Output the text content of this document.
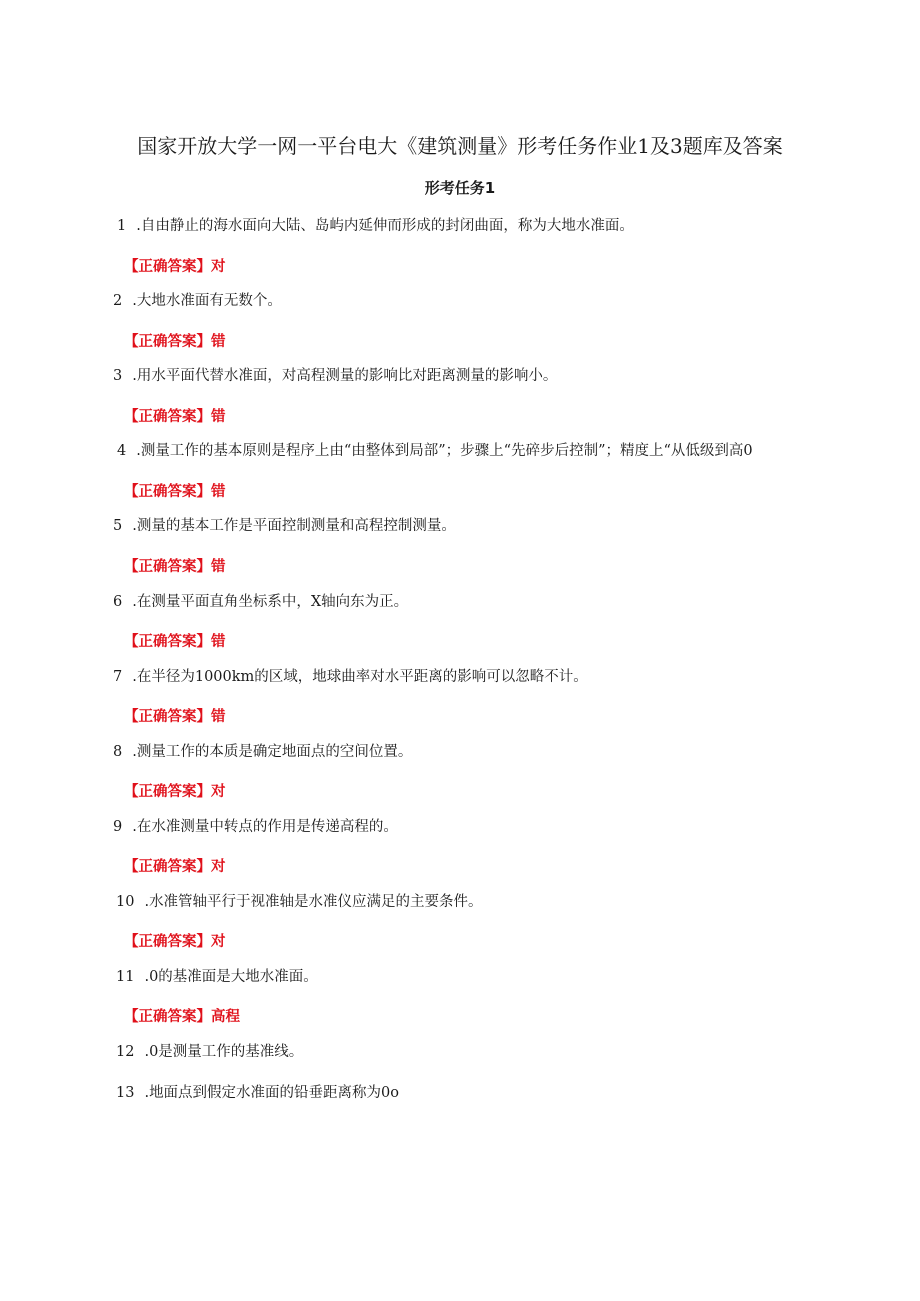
国家开放大学一网一平台电大《建筑测量》形考任务作业1及3题库及答案
形考任务1
1 .自由静止的海水面向大陆、岛屿内延伸而形成的封闭曲面，称为大地水准面。
【正确答案】对
2 .大地水准面有无数个。
【正确答案】错
3 .用水平面代替水准面，对高程测量的影响比对距离测量的影响小。
【正确答案】错
4 .测量工作的基本原则是程序上由“由整体到局部”；步骤上“先碎步后控制”；精度上“从低级到高0
【正确答案】错
5 .测量的基本工作是平面控制测量和高程控制测量。
【正确答案】错
6 .在测量平面直角坐标系中，X轴向东为正。
【正确答案】错
7 .在半径为1000km的区域，地球曲率对水平距离的影响可以忽略不计。
【正确答案】错
8 .测量工作的本质是确定地面点的空间位置。
【正确答案】对
9 .在水准测量中转点的作用是传递高程的。
【正确答案】对
10 .水准管轴平行于视准轴是水准仪应满足的主要条件。
【正确答案】对
11 .0的基准面是大地水准面。
【正确答案】高程
12 .0是测量工作的基准线。
13 .地面点到假定水准面的铅垂距离称为0o
